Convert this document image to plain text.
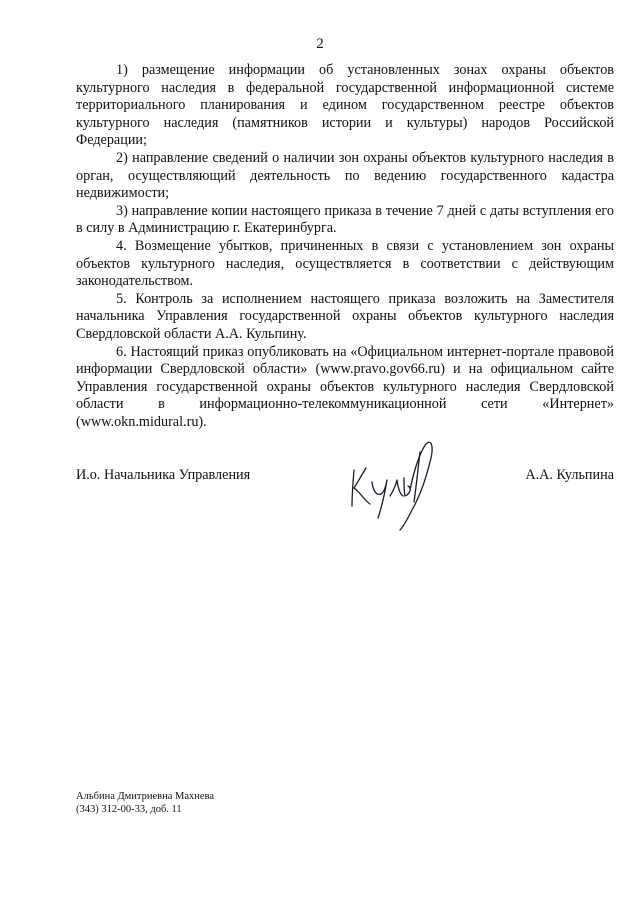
2

1) размещение информации об установленных зонах охраны объектов культурного наследия в федеральной государственной информационной системе территориального планирования и едином государственном реестре объектов культурного наследия (памятников истории и культуры) народов Российской Федерации;

2) направление сведений о наличии зон охраны объектов культурного наследия в орган, осуществляющий деятельность по ведению государственного кадастра недвижимости;

3) направление копии настоящего приказа в течение 7 дней с даты вступления его в силу в Администрацию г. Екатеринбурга.

4. Возмещение убытков, причиненных в связи с установлением зон охраны объектов культурного наследия, осуществляется в соответствии с действующим законодательством.

5. Контроль за исполнением настоящего приказа возложить на Заместителя начальника Управления государственной охраны объектов культурного наследия Свердловской области А.А. Кульпину.

6. Настоящий приказ опубликовать на «Официальном интернет-портале правовой информации Свердловской области» (www.pravo.gov66.ru) и на официальном сайте Управления государственной охраны объектов культурного наследия Свердловской области в информационно-телекоммуникационной сети «Интернет» (www.okn.midural.ru).

И.о. Начальника Управления	А.А. Кульпина
Альбина Дмитриевна Махнева
(343) 312-00-33, доб. 11
